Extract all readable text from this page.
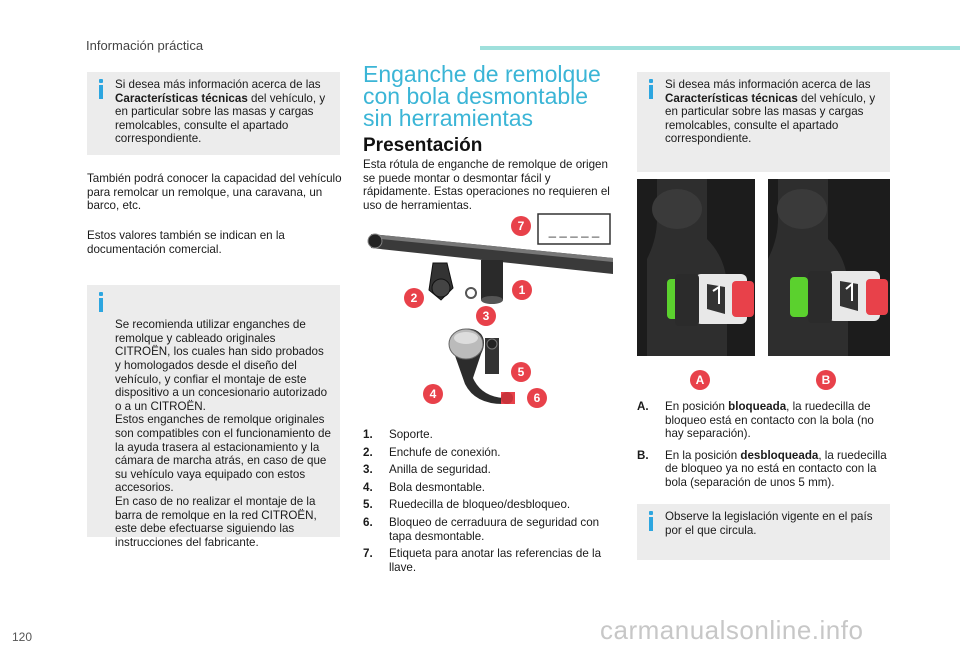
Información práctica
Si desea más información acerca de las Características técnicas del vehículo, y en particular sobre las masas y cargas remolcables, consulte el apartado correspondiente.
También podrá conocer la capacidad del vehículo para remolcar un remolque, una caravana, un barco, etc.
Estos valores también se indican en la documentación comercial.

Se recomienda utilizar enganches de remolque y cableado originales CITROËN, los cuales han sido probados y homologados desde el diseño del vehículo, y confiar el montaje de este dispositivo a un concesionario autorizado o a un CITROËN.
Estos enganches de remolque originales son compatibles con el funcionamiento de la ayuda trasera al estacionamiento y la cámara de marcha atrás, en caso de que su vehículo vaya equipado con estos accesorios.
En caso de no realizar el montaje de la barra de remolque en la red CITROËN, este debe efectuarse siguiendo las instrucciones del fabricante.

Enganche de remolque con bola desmontable sin herramientas
Presentación
Esta rótula de enganche de remolque de origen se puede montar o desmontar fácil y rápidamente. Estas operaciones no requieren el uso de herramientas.
_ _ _ _ _
7
1
2
3
5
4	6
1. Soporte.
2. Enchufe de conexión.
3. Anilla de seguridad.
4. Bola desmontable.
5. Ruedecilla de bloqueo/desbloqueo.
6. Bloqueo de cerraduura de seguridad con tapa desmontable.
7. Etiqueta para anotar las referencias de la llave.
Si desea más información acerca de las Características técnicas del vehículo, y en particular sobre las masas y cargas remolcables, consulte el apartado correspondiente.
A	B
A. En posición bloqueada, la ruedecilla de bloqueo está en contacto con la bola (no hay separación).
B. En la posición desbloqueada, la ruedecilla de bloqueo ya no está en contacto con la bola (separación de unos 5 mm).
Observe la legislación vigente en el país por el que circula.
120	carmanualsonline.info
